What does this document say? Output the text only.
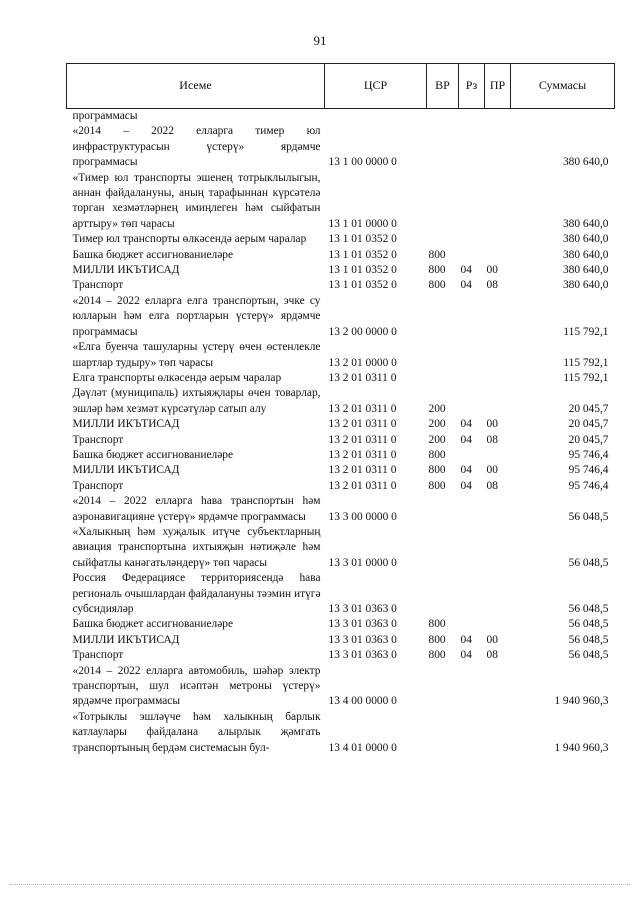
91
Исеме	ЦСР	ВР	Рз	ПР	Суммасы
программасы					
«2014 – 2022 елларга тимер юл инфраструктурасын үстерү» ярдәмче программасы	13 1 00 0000 0				380 640,0
«Тимер юл транспорты эшенең тотрыклылыгын, аннан файдалануны, аның тарафыннан күрсәтелә торган хезмәтләрнең имиңлеген һәм сыйфатын арттыру» төп чарасы	13 1 01 0000 0				380 640,0
Тимер юл транспорты өлкәсендә аерым чаралар	13 1 01 0352 0				380 640,0
Башка бюджет ассигнованиеләре	13 1 01 0352 0	800			380 640,0
МИЛЛИ ИКЪТИСАД	13 1 01 0352 0	800	04	00	380 640,0
Транспорт	13 1 01 0352 0	800	04	08	380 640,0
«2014 – 2022 елларга елга транспортын, эчке су юлларын һәм елга портларын үстерү» ярдәмче программасы	13 2 00 0000 0				115 792,1
«Елга буенча ташуларны үстерү өчен өстенлекле шартлар тудыру» төп чарасы	13 2 01 0000 0				115 792,1
Елга транспорты өлкәсендә аерым чаралар	13 2 01 0311 0				115 792,1
Дәүләт (муниципаль) ихтыяҗлары өчен товарлар, эшләр һәм хезмәт күрсәтүләр сатып алу	13 2 01 0311 0	200			20 045,7
МИЛЛИ ИКЪТИСАД	13 2 01 0311 0	200	04	00	20 045,7
Транспорт	13 2 01 0311 0	200	04	08	20 045,7
Башка бюджет ассигнованиеләре	13 2 01 0311 0	800			95 746,4
МИЛЛИ ИКЪТИСАД	13 2 01 0311 0	800	04	00	95 746,4
Транспорт	13 2 01 0311 0	800	04	08	95 746,4
«2014 – 2022 елларга һава транспортын һәм аэронавигацияне үстерү» ярдәмче программасы	13 3 00 0000 0				56 048,5
«Халыкның һәм хуҗалык итүче субъектларның авиация транспортына ихтыяҗын нәтиҗәле һәм сыйфатлы канәгатьләндерү» төп чарасы	13 3 01 0000 0				56 048,5
Россия Федерациясе территориясендә һава региональ очышлардан файдалануны тәэмин итүгә субсидияләр	13 3 01 0363 0				56 048,5
Башка бюджет ассигнованиеләре	13 3 01 0363 0	800			56 048,5
МИЛЛИ ИКЪТИСАД	13 3 01 0363 0	800	04	00	56 048,5
Транспорт	13 3 01 0363 0	800	04	08	56 048,5
«2014 – 2022 елларга автомобиль, шәһәр электр транспортын, шул исәптән метроны үстерү» ярдәмче программасы	13 4 00 0000 0				1 940 960,3
«Тотрыклы эшләүче һәм халыкның барлык катлаулары файдалана алырлык җәмгать транспортының бердәм системасын бул-	13 4 01 0000 0				1 940 960,3
